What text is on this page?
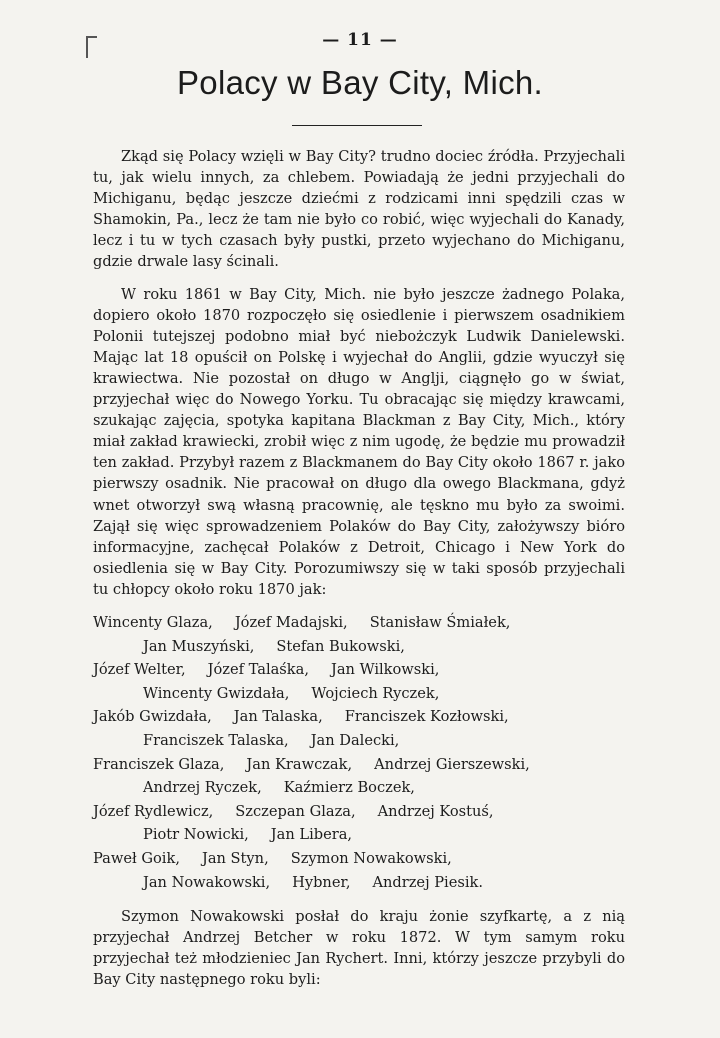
— 11 —
Polacy w Bay City, Mich.

Zkąd się Polacy wzięli w Bay City? trudno dociec źródła. Przyjechali tu, jak wielu innych, za chlebem. Powiadają że jedni przyjechali do Michiganu, będąc jeszcze dziećmi z rodzicami inni spędzili czas w Shamokin, Pa., lecz że tam nie było co robić, więc wyjechali do Kanady, lecz i tu w tych czasach były pustki, przeto wyjechano do Michiganu, gdzie drwale lasy ścinali.

W roku 1861 w Bay City, Mich. nie było jeszcze żadnego Polaka, dopiero około 1870 rozpoczęło się osiedlenie i pierwszem osadnikiem Polonii tutejszej podobno miał być niebożczyk Ludwik Danielewski. Mając lat 18 opuścił on Polskę i wyjechał do Anglii, gdzie wyuczył się krawiectwa. Nie pozostał on długo w Anglji, ciągnęło go w świat, przyjechał więc do Nowego Yorku. Tu obracając się między krawcami, szukając zajęcia, spotyka kapitana Blackman z Bay City, Mich., który miał zakład krawiecki, zrobił więc z nim ugodę, że będzie mu prowadził ten zakład. Przybył razem z Blackmanem do Bay City około 1867 r. jako pierwszy osadnik. Nie pracował on długo dla owego Blackmana, gdyż wnet otworzył swą własną pracownię, ale tęskno mu było za swoimi. Zajął się więc sprowadzeniem Polaków do Bay City, założywszy bióro informacyjne, zachęcał Polaków z Detroit, Chicago i New York do osiedlenia się w Bay City. Porozumiwszy się w taki sposób przyjechali tu chłopcy około roku 1870 jak:

Wincenty Glaza, Józef Madajski, Stanisław Śmiałek,
Jan Muszyński, Stefan Bukowski,
Józef Welter, Józef Talaśka, Jan Wilkowski,
Wincenty Gwizdała, Wojciech Ryczek,
Jakób Gwizdała, Jan Talaska, Franciszek Kozłowski,
Franciszek Talaska, Jan Dalecki,
Franciszek Glaza, Jan Krawczak, Andrzej Gierszewski,
Andrzej Ryczek, Kaźmierz Boczek,
Józef Rydlewicz, Szczepan Glaza, Andrzej Kostuś,
Piotr Nowicki, Jan Libera,
Paweł Goik, Jan Styn, Szymon Nowakowski,
Jan Nowakowski, Hybner, Andrzej Piesik.

Szymon Nowakowski posłał do kraju żonie szyfkartę, a z nią przyjechał Andrzej Betcher w roku 1872. W tym samym roku przyjechał też młodzieniec Jan Rychert. Inni, którzy jeszcze przybyli do Bay City następnego roku byli:
